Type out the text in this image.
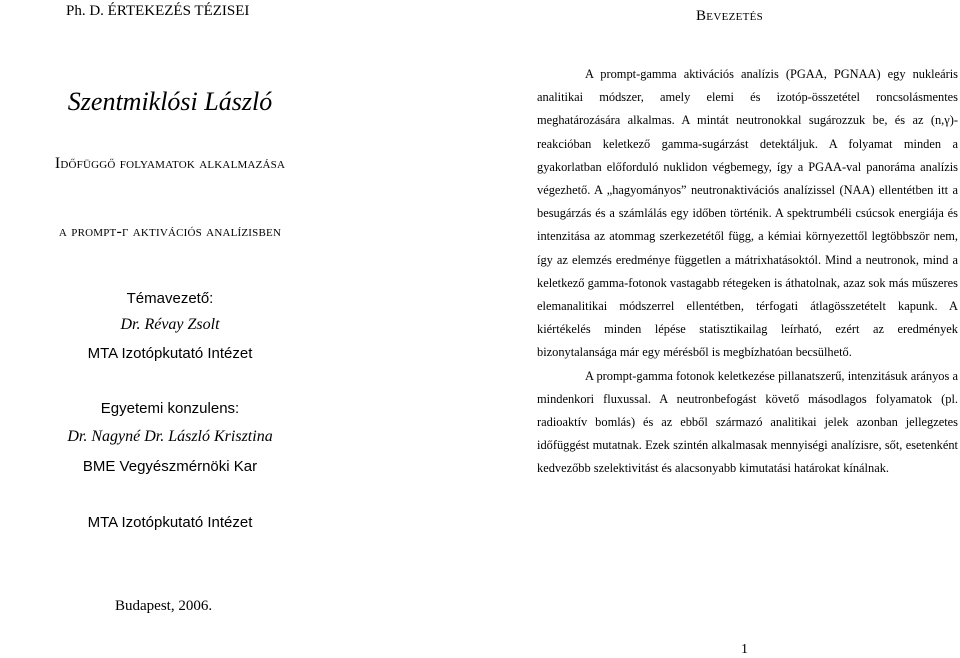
Ph. D. ÉRTEKEZÉS TÉZISEI	Bevezetés
Szentmiklósi László
Időfüggő folyamatok alkalmazása
a prompt-γ aktivációs analízisben
Témavezető:
Dr. Révay Zsolt
MTA Izotópkutató Intézet
Egyetemi konzulens:
Dr. Nagyné Dr. László Krisztina
BME Vegyészmérnöki Kar
MTA Izotópkutató Intézet

A prompt-gamma aktivációs analízis (PGAA, PGNAA) egy nukleáris analitikai módszer, amely elemi és izotóp-összetétel roncsolásmentes meghatározására alkalmas. A mintát neutronokkal sugározzuk be, és az (n,γ)-reakcióban keletkező gamma-sugárzást detektáljuk. A folyamat minden a gyakorlatban előforduló nuklidon végbemegy, így a PGAA-val panoráma analízis végezhető. A „hagyományos” neutronaktivációs analízissel (NAA) ellentétben itt a besugárzás és a számlálás egy időben történik. A spektrumbéli csúcsok energiája és intenzitása az atommag szerkezetétől függ, a kémiai környezettől legtöbbször nem, így az elemzés eredménye független a mátrixhatásoktól. Mind a neutronok, mind a keletkező gamma-fotonok vastagabb rétegeken is áthatolnak, azaz sok más műszeres elemanalitikai módszerrel ellentétben, térfogati átlagösszetételt kapunk. A kiértékelés minden lépése statisztikailag leírható, ezért az eredmények bizonytalansága már egy mérésből is megbízhatóan becsülhető.

A prompt-gamma fotonok keletkezése pillanatszerű, intenzitásuk arányos a mindenkori fluxussal. A neutronbefogást követő másodlagos folyamatok (pl. radioaktív bomlás) és az ebből származó analitikai jelek azonban jellegzetes időfüggést mutatnak. Ezek szintén alkalmasak mennyiségi analízisre, sőt, esetenként kedvezőbb szelektivitást és alacsonyabb kimutatási határokat kínálnak.

Budapest, 2006.
1
